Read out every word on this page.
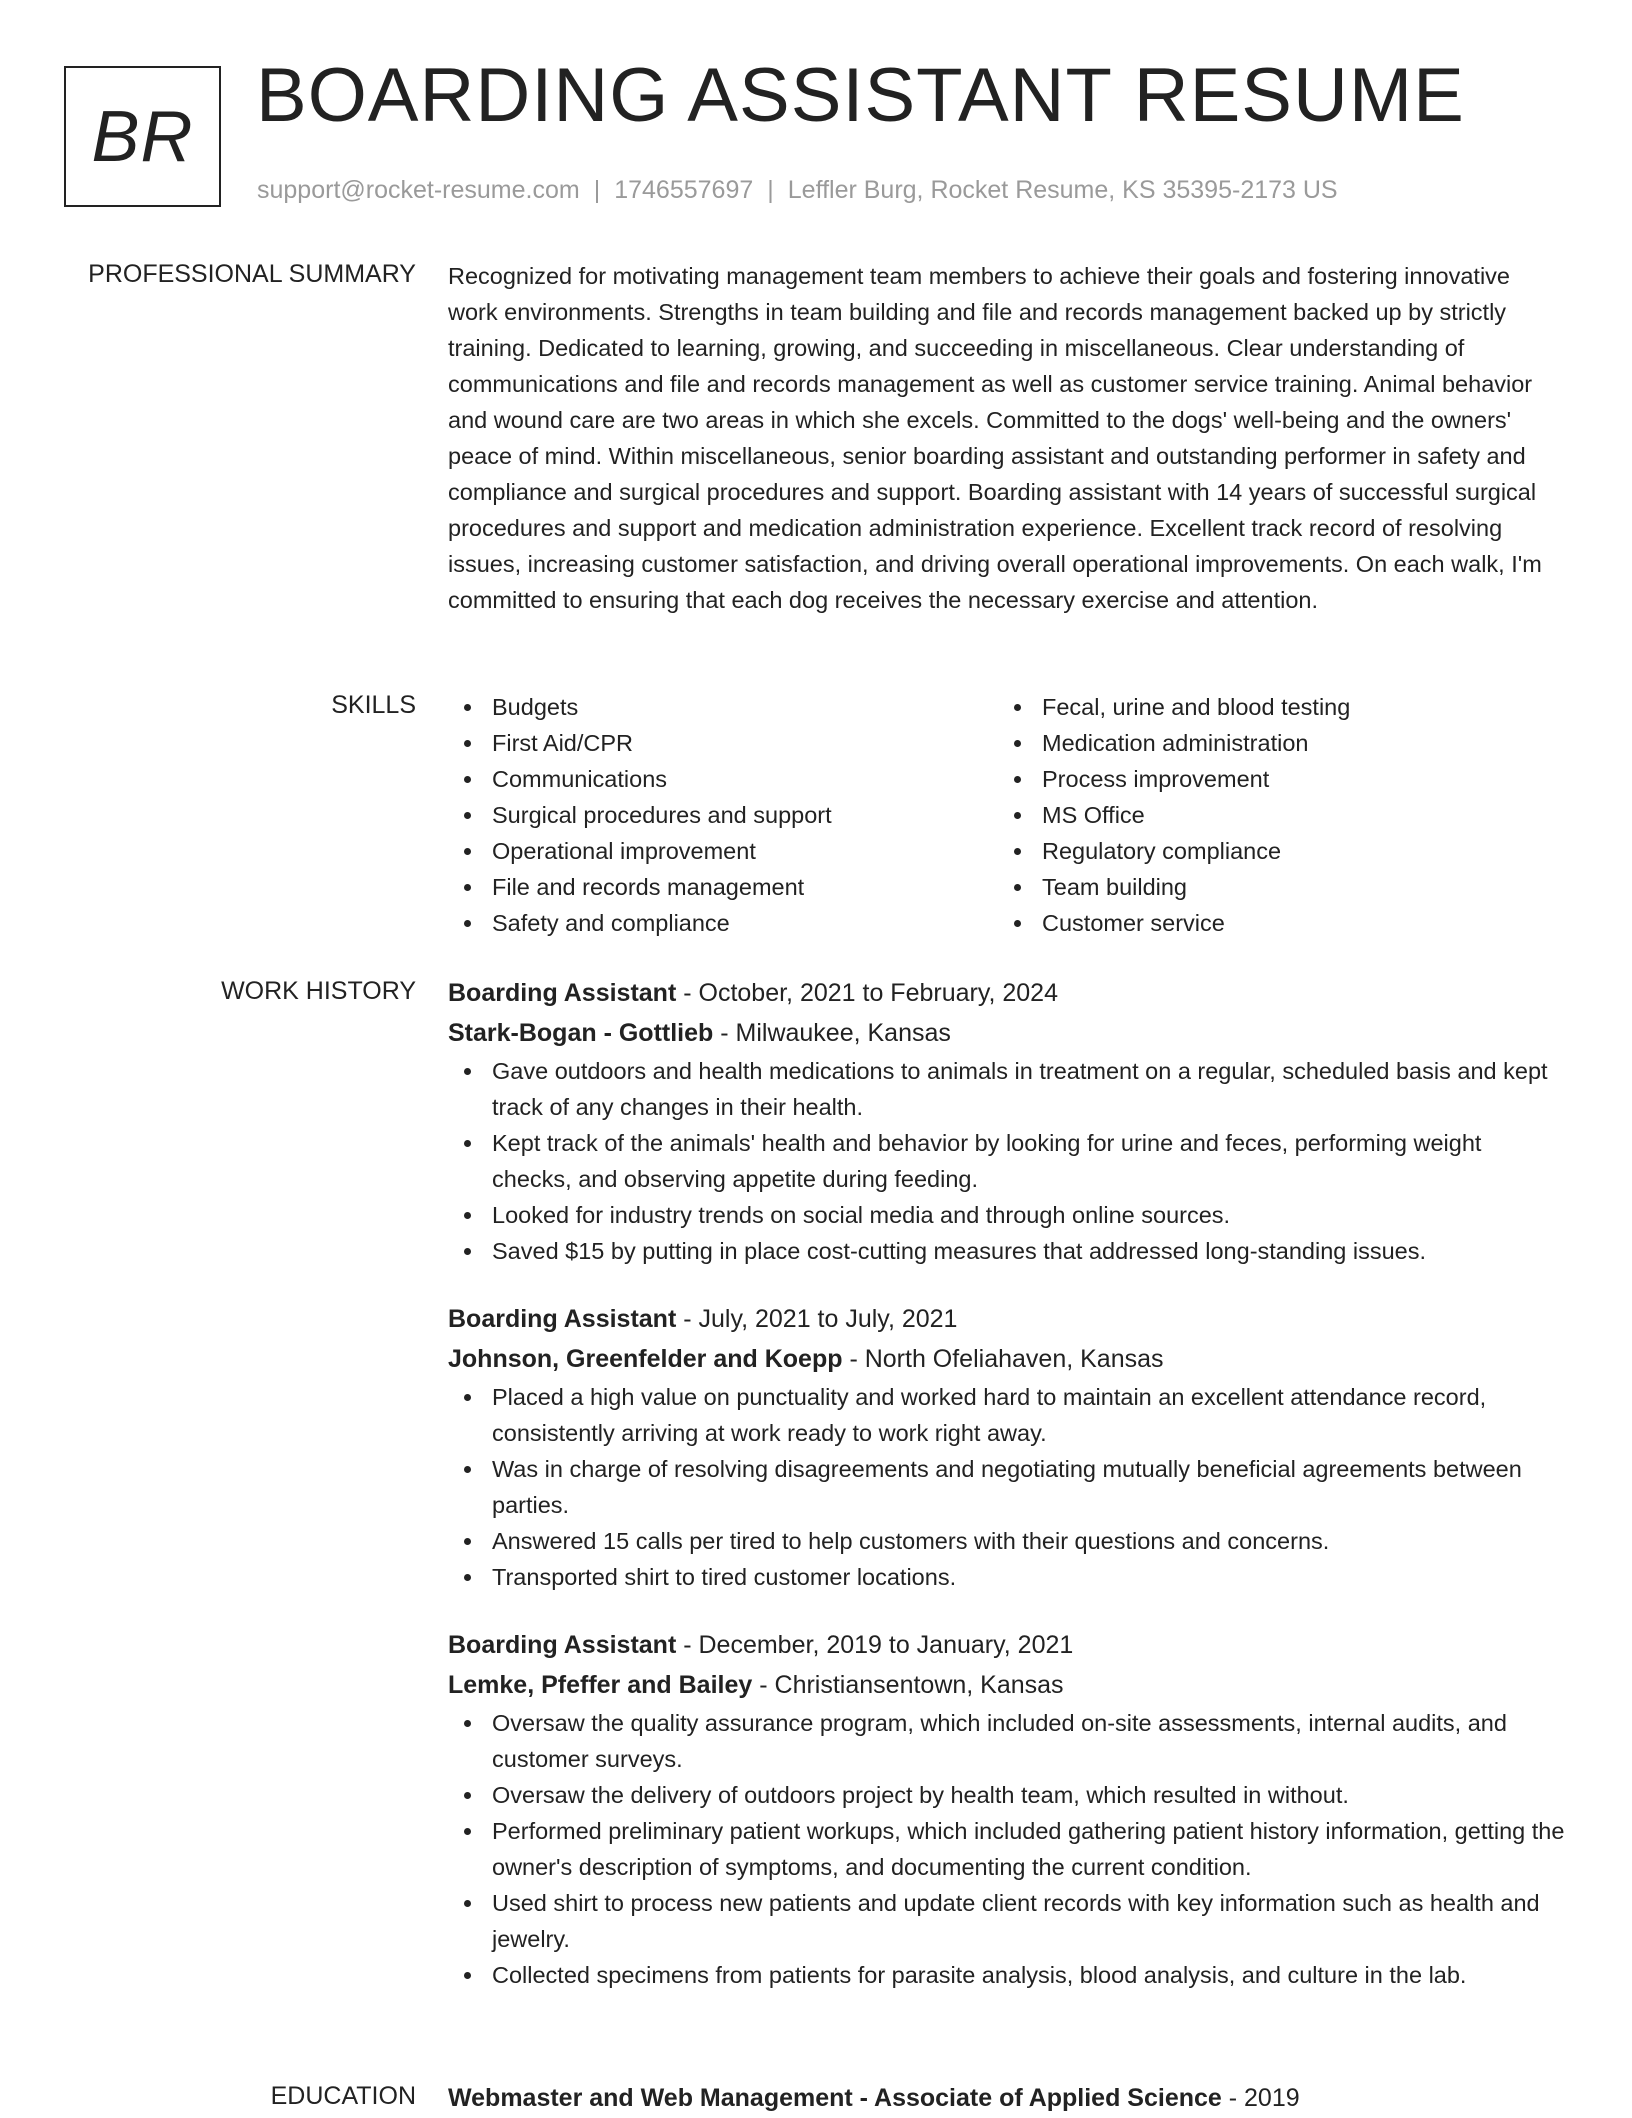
BR BOARDING ASSISTANT RESUME
support@rocket-resume.com | 1746557697 | Leffler Burg, Rocket Resume, KS 35395-2173 US
PROFESSIONAL SUMMARY Recognized for motivating management team members to achieve their goals and fostering innovative work environments. Strengths in team building and file and records management backed up by strictly training. Dedicated to learning, growing, and succeeding in miscellaneous. Clear understanding of communications and file and records management as well as customer service training. Animal behavior and wound care are two areas in which she excels. Committed to the dogs' well-being and the owners' peace of mind. Within miscellaneous, senior boarding assistant and outstanding performer in safety and compliance and surgical procedures and support. Boarding assistant with 14 years of successful surgical procedures and support and medication administration experience. Excellent track record of resolving issues, increasing customer satisfaction, and driving overall operational improvements. On each walk, I'm committed to ensuring that each dog receives the necessary exercise and attention.

SKILLS	Budgets
First Aid/CPR
Communications
Surgical procedures and support
Operational improvement
File and records management
Safety and compliance
Fecal, urine and blood testing
Medication administration
Process improvement
MS Office
Regulatory compliance
Team building
Customer service
WORK HISTORY Boarding Assistant - October, 2021 to February, 2024
Stark-Bogan - Gottlieb - Milwaukee, Kansas
Gave outdoors and health medications to animals in treatment on a regular, scheduled basis and kept track of any changes in their health.
Kept track of the animals' health and behavior by looking for urine and feces, performing weight checks, and observing appetite during feeding.
Looked for industry trends on social media and through online sources.
Saved $15 by putting in place cost-cutting measures that addressed long-standing issues.
Boarding Assistant - July, 2021 to July, 2021
Johnson, Greenfelder and Koepp - North Ofeliahaven, Kansas
Placed a high value on punctuality and worked hard to maintain an excellent attendance record, consistently arriving at work ready to work right away.
Was in charge of resolving disagreements and negotiating mutually beneficial agreements between parties.
Answered 15 calls per tired to help customers with their questions and concerns.
Transported shirt to tired customer locations.
Boarding Assistant - December, 2019 to January, 2021
Lemke, Pfeffer and Bailey - Christiansentown, Kansas
Oversaw the quality assurance program, which included on-site assessments, internal audits, and customer surveys.
Oversaw the delivery of outdoors project by health team, which resulted in without.
Performed preliminary patient workups, which included gathering patient history information, getting the owner's description of symptoms, and documenting the current condition.
Used shirt to process new patients and update client records with key information such as health and jewelry.
Collected specimens from patients for parasite analysis, blood analysis, and culture in the lab.
EDUCATION Webmaster and Web Management - Associate of Applied Science - 2019
